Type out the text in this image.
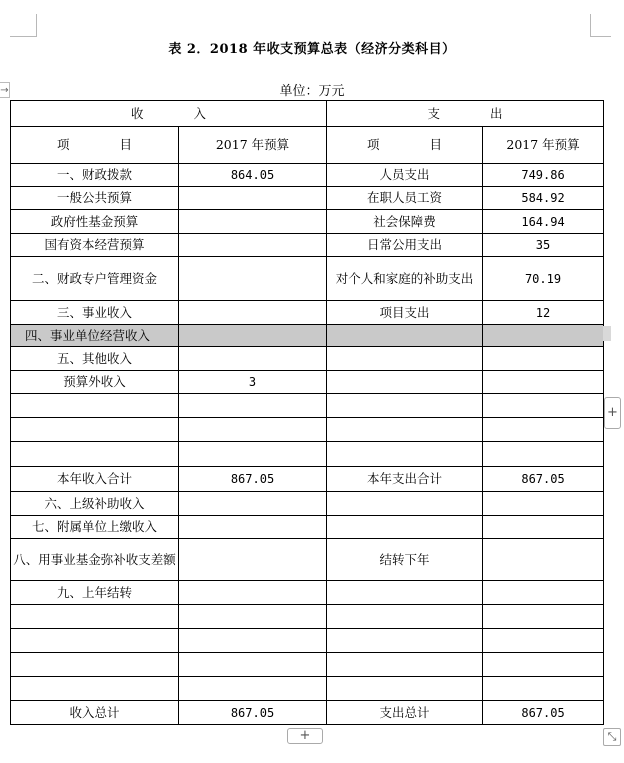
→
表 2．2018 年收支预算总表（经济分类科目）
单位：万元
收　　　　入		支　　　　出	
项　　　　目	2017 年预算	项　　　　目	2017 年预算
一、财政拨款	864.05	人员支出	749.86
一般公共预算		在职人员工资	584.92
政府性基金预算		社会保障费	164.94
国有资本经营预算		日常公用支出	35
二、财政专户管理资金		对个人和家庭的补助支出	70.19
三、事业收入		项目支出	12
四、事业单位经营收入			
五、其他收入			
预算外收入	3		

本年收入合计	867.05	本年支出合计	867.05
六、上级补助收入			
七、附属单位上缴收入			
八、用事业基金弥补收支差额		结转下年	
九、上年结转			

收入总计	867.05	支出总计	867.05
+
+	⤡
